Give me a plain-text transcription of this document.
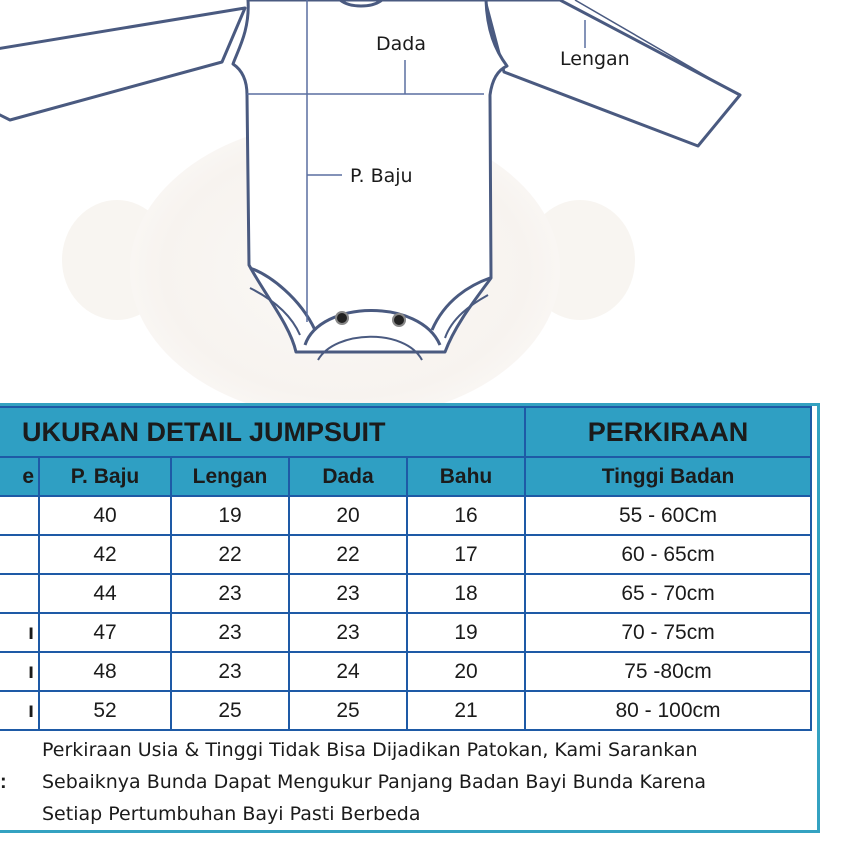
Dada
Lengan
P. Baju
UKURAN DETAIL JUMPSUIT					PERKIRAAN
e	P. Baju	Lengan	Dada	Bahu	Tinggi Badan
	40	19	20	16	55 - 60Cm
	42	22	22	17	60 - 65cm
	44	23	23	18	65 - 70cm
ı	47	23	23	19	70 - 75cm
ı	48	23	24	20	75 -80cm
ı	52	25	25	21	80 - 100cm
:
Perkiraan Usia & Tinggi Tidak Bisa Dijadikan Patokan, Kami Sarankan
Sebaiknya Bunda Dapat Mengukur Panjang Badan Bayi Bunda Karena
Setiap Pertumbuhan Bayi Pasti Berbeda
